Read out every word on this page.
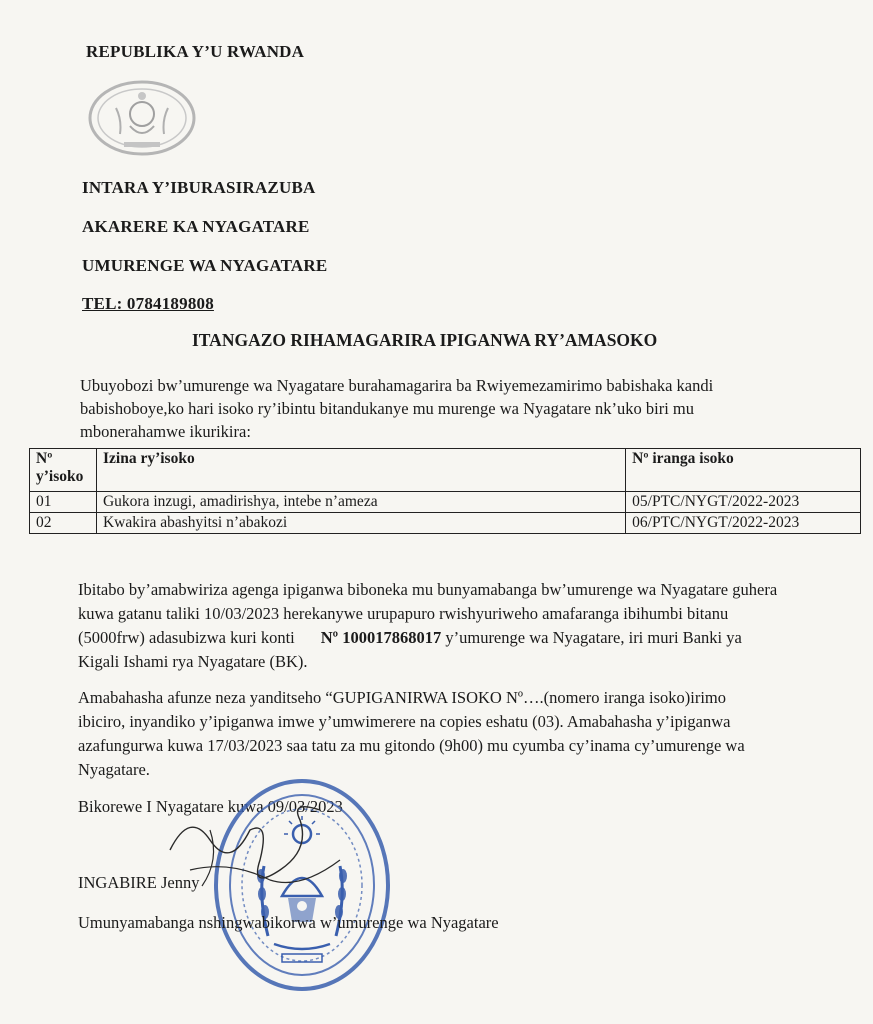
REPUBLIKA Y’U RWANDA
INTARA Y’IBURASIRAZUBA
AKARERE KA NYAGATARE
UMURENGE WA NYAGATARE
TEL: 0784189808
ITANGAZO RIHAMAGARIRA IPIGANWA RY’AMASOKO
Ubuyobozi bw’umurenge wa Nyagatare burahamagarira ba Rwiyemezamirimo babishaka kandi
babishoboye,ko hari isoko ry’ibintu bitandukanye mu murenge wa Nyagatare nk’uko biri mu
mbonerahamwe ikurikira:
Nº y’isoko	Izina ry’isoko	Nº iranga isoko
01	Gukora inzugi, amadirishya, intebe n’ameza	05/PTC/NYGT/2022-2023
02	Kwakira abashyitsi n’abakozi	06/PTC/NYGT/2022-2023
Ibitabo by’amabwiriza agenga ipiganwa biboneka mu bunyamabanga bw’umurenge wa Nyagatare guhera
kuwa gatanu taliki 10/03/2023 herekanywe urupapuro rwishyuriweho amafaranga ibihumbi bitanu
(5000frw) adasubizwa kuri konti Nº 100017868017 y’umurenge wa Nyagatare, iri muri Banki ya
Kigali Ishami rya Nyagatare (BK).
Amabahasha afunze neza yanditseho “GUPIGANIRWA ISOKO Nº….(nomero iranga isoko)irimo
ibiciro, inyandiko y’ipiganwa imwe y’umwimerere na copies eshatu (03). Amabahasha y’ipiganwa
azafungurwa kuwa 17/03/2023 saa tatu za mu gitondo (9h00) mu cyumba cy’inama cy’umurenge wa
Nyagatare.
Bikorewe I Nyagatare kuwa 09/03/2023
INGABIRE Jenny
Umunyamabanga nshingwabikorwa w’umurenge wa Nyagatare
